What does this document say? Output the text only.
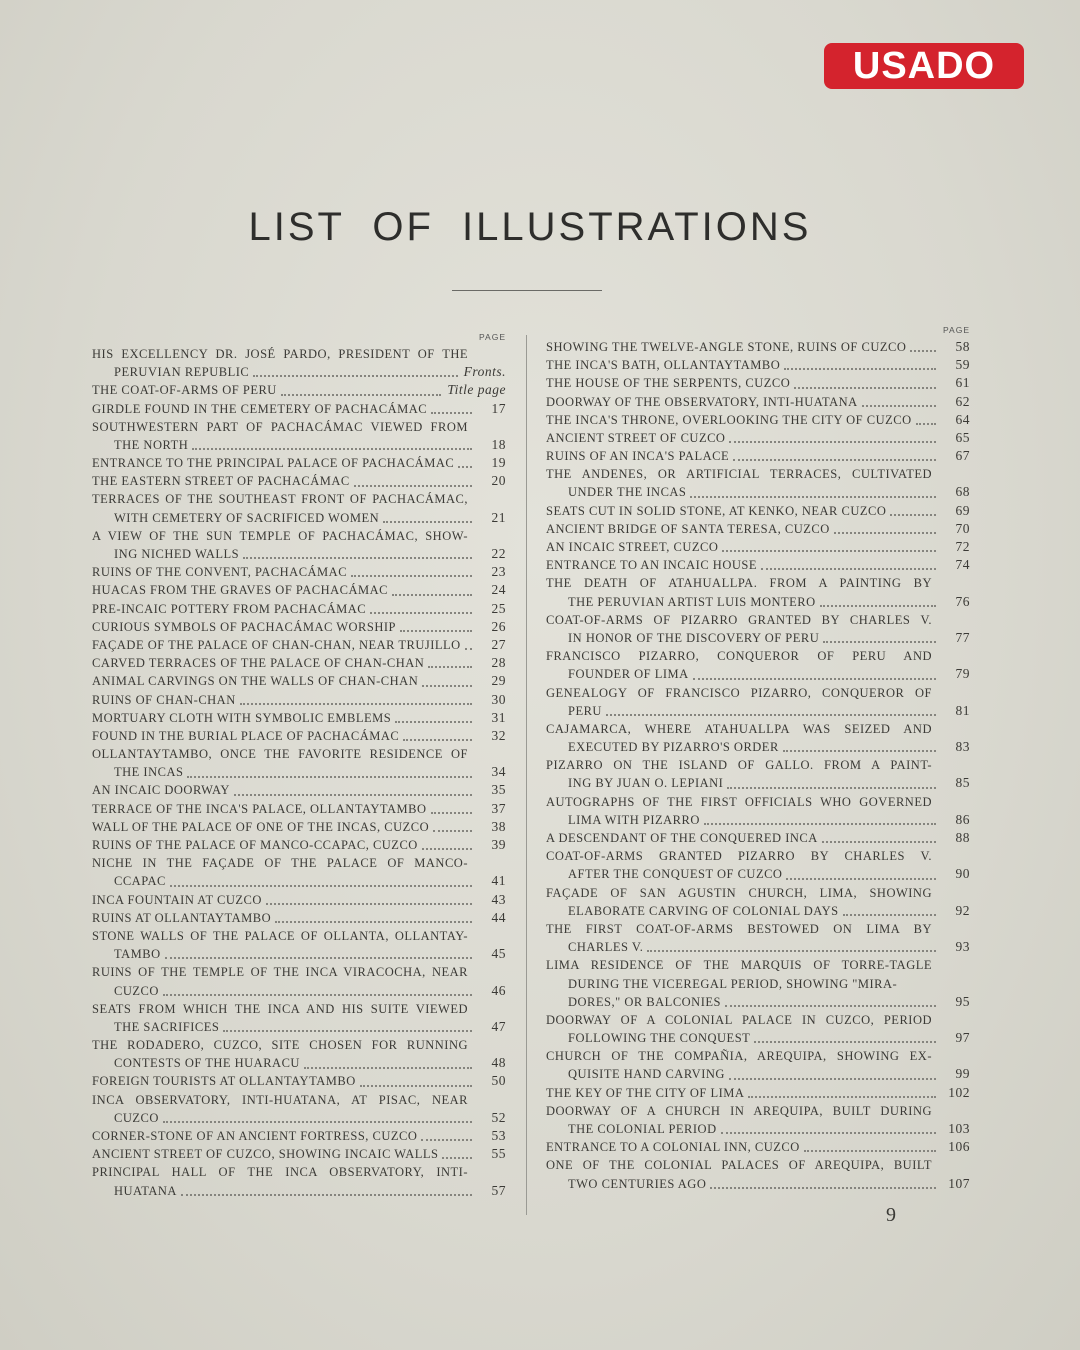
USADO
LIST OF ILLUSTRATIONS
PAGE
HIS EXCELLENCY DR. JOSÉ PARDO, PRESIDENT OF THE
PERUVIAN REPUBLIC	Fronts.
THE COAT-OF-ARMS OF PERU	Title page
GIRDLE FOUND IN THE CEMETERY OF PACHACÁMAC	17
SOUTHWESTERN PART OF PACHACÁMAC VIEWED FROM
THE NORTH	18
ENTRANCE TO THE PRINCIPAL PALACE OF PACHACÁMAC	19
THE EASTERN STREET OF PACHACÁMAC	20
TERRACES OF THE SOUTHEAST FRONT OF PACHACÁMAC,
WITH CEMETERY OF SACRIFICED WOMEN	21
A VIEW OF THE SUN TEMPLE OF PACHACÁMAC, SHOW-
ING NICHED WALLS	22
RUINS OF THE CONVENT, PACHACÁMAC	23
HUACAS FROM THE GRAVES OF PACHACÁMAC	24
PRE-INCAIC POTTERY FROM PACHACÁMAC	25
CURIOUS SYMBOLS OF PACHACÁMAC WORSHIP	26
FAÇADE OF THE PALACE OF CHAN-CHAN, NEAR TRUJILLO	27
CARVED TERRACES OF THE PALACE OF CHAN-CHAN	28
ANIMAL CARVINGS ON THE WALLS OF CHAN-CHAN	29
RUINS OF CHAN-CHAN	30
MORTUARY CLOTH WITH SYMBOLIC EMBLEMS	31
FOUND IN THE BURIAL PLACE OF PACHACÁMAC	32
OLLANTAYTAMBO, ONCE THE FAVORITE RESIDENCE OF
THE INCAS	34
AN INCAIC DOORWAY	35
TERRACE OF THE INCA'S PALACE, OLLANTAYTAMBO	37
WALL OF THE PALACE OF ONE OF THE INCAS, CUZCO	38
RUINS OF THE PALACE OF MANCO-CCAPAC, CUZCO	39
NICHE IN THE FAÇADE OF THE PALACE OF MANCO-
CCAPAC	41
INCA FOUNTAIN AT CUZCO	43
RUINS AT OLLANTAYTAMBO	44
STONE WALLS OF THE PALACE OF OLLANTA, OLLANTAY-
TAMBO	45
RUINS OF THE TEMPLE OF THE INCA VIRACOCHA, NEAR
CUZCO	46
SEATS FROM WHICH THE INCA AND HIS SUITE VIEWED
THE SACRIFICES	47
THE RODADERO, CUZCO, SITE CHOSEN FOR RUNNING
CONTESTS OF THE HUARACU	48
FOREIGN TOURISTS AT OLLANTAYTAMBO	50
INCA OBSERVATORY, INTI-HUATANA, AT PISAC, NEAR
CUZCO	52
CORNER-STONE OF AN ANCIENT FORTRESS, CUZCO	53
ANCIENT STREET OF CUZCO, SHOWING INCAIC WALLS	55
PRINCIPAL HALL OF THE INCA OBSERVATORY, INTI-
HUATANA	57
PAGE
SHOWING THE TWELVE-ANGLE STONE, RUINS OF CUZCO	58
THE INCA'S BATH, OLLANTAYTAMBO	59
THE HOUSE OF THE SERPENTS, CUZCO	61
DOORWAY OF THE OBSERVATORY, INTI-HUATANA	62
THE INCA'S THRONE, OVERLOOKING THE CITY OF CUZCO	64
ANCIENT STREET OF CUZCO	65
RUINS OF AN INCA'S PALACE	67
THE ANDENES, OR ARTIFICIAL TERRACES, CULTIVATED
UNDER THE INCAS	68
SEATS CUT IN SOLID STONE, AT KENKO, NEAR CUZCO	69
ANCIENT BRIDGE OF SANTA TERESA, CUZCO	70
AN INCAIC STREET, CUZCO	72
ENTRANCE TO AN INCAIC HOUSE	74
THE DEATH OF ATAHUALLPA. FROM A PAINTING BY
THE PERUVIAN ARTIST LUIS MONTERO	76
COAT-OF-ARMS OF PIZARRO GRANTED BY CHARLES V.
IN HONOR OF THE DISCOVERY OF PERU	77
FRANCISCO PIZARRO, CONQUEROR OF PERU AND
FOUNDER OF LIMA	79
GENEALOGY OF FRANCISCO PIZARRO, CONQUEROR OF
PERU	81
CAJAMARCA, WHERE ATAHUALLPA WAS SEIZED AND
EXECUTED BY PIZARRO'S ORDER	83
PIZARRO ON THE ISLAND OF GALLO. FROM A PAINT-
ING BY JUAN O. LEPIANI	85
AUTOGRAPHS OF THE FIRST OFFICIALS WHO GOVERNED
LIMA WITH PIZARRO	86
A DESCENDANT OF THE CONQUERED INCA	88
COAT-OF-ARMS GRANTED PIZARRO BY CHARLES V.
AFTER THE CONQUEST OF CUZCO	90
FAÇADE OF SAN AGUSTIN CHURCH, LIMA, SHOWING
ELABORATE CARVING OF COLONIAL DAYS	92
THE FIRST COAT-OF-ARMS BESTOWED ON LIMA BY
CHARLES V.	93
LIMA RESIDENCE OF THE MARQUIS OF TORRE-TAGLE
DURING THE VICEREGAL PERIOD, SHOWING "MIRA-
DORES," OR BALCONIES	95
DOORWAY OF A COLONIAL PALACE IN CUZCO, PERIOD
FOLLOWING THE CONQUEST	97
CHURCH OF THE COMPAÑIA, AREQUIPA, SHOWING EX-
QUISITE HAND CARVING	99
THE KEY OF THE CITY OF LIMA	102
DOORWAY OF A CHURCH IN AREQUIPA, BUILT DURING
THE COLONIAL PERIOD	103
ENTRANCE TO A COLONIAL INN, CUZCO	106
ONE OF THE COLONIAL PALACES OF AREQUIPA, BUILT
TWO CENTURIES AGO	107
9
